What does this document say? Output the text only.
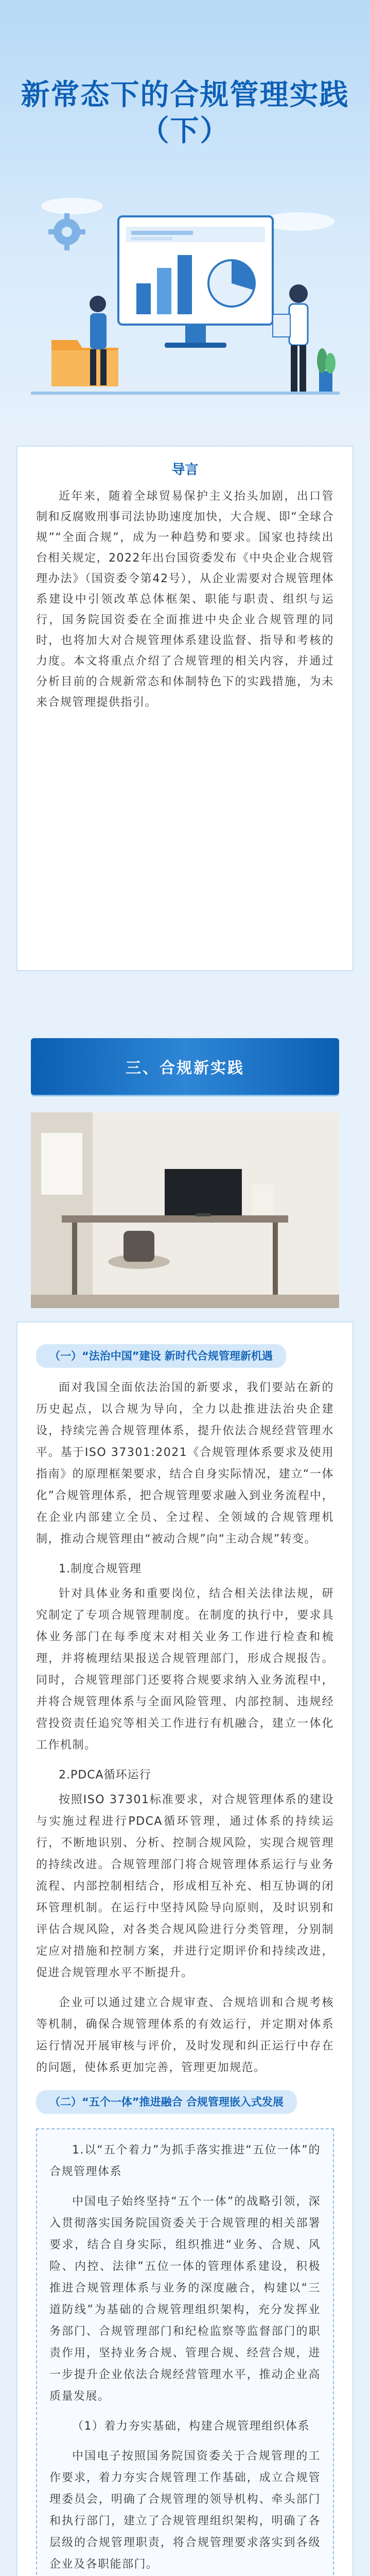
新常态下的合规管理实践
（下）
导言
近年来，随着全球贸易保护主义抬头加剧，出口管制和反腐败刑事司法协助速度加快，大合规、即“全球合规”“全面合规”，成为一种趋势和要求。国家也持续出台相关规定，2022年出台国资委发布《中央企业合规管理办法》（国资委令第42号），从企业需要对合规管理体系建设中引领改革总体框架、职能与职责、组织与运行，国务院国资委在全面推进中央企业合规管理的同时，也将加大对合规管理体系建设监督、指导和考核的力度。本文将重点介绍了合规管理的相关内容，并通过分析目前的合规新常态和体制特色下的实践措施，为未来合规管理提供指引。
三、合规新实践
（一）“法治中国”建设 新时代合规管理新机遇

面对我国全面依法治国的新要求，我们要站在新的历史起点，以合规为导向，全力以赴推进法治央企建设，持续完善合规管理体系，提升依法合规经营管理水平。基于ISO 37301:2021《合规管理体系要求及使用指南》的原理框架要求，结合自身实际情况，建立“一体化”合规管理体系，把合规管理要求融入到业务流程中，在企业内部建立全员、全过程、全领域的合规管理机制，推动合规管理由“被动合规”向“主动合规”转变。

1.制度合规管理

针对具体业务和重要岗位，结合相关法律法规，研究制定了专项合规管理制度。在制度的执行中，要求具体业务部门在每季度末对相关业务工作进行检查和梳理，并将梳理结果报送合规管理部门，形成合规报告。同时，合规管理部门还要将合规要求纳入业务流程中，并将合规管理体系与全面风险管理、内部控制、违规经营投资责任追究等相关工作进行有机融合，建立一体化工作机制。

2.PDCA循环运行

按照ISO 37301标准要求，对合规管理体系的建设与实施过程进行PDCA循环管理，通过体系的持续运行，不断地识别、分析、控制合规风险，实现合规管理的持续改进。合规管理部门将合规管理体系运行与业务流程、内部控制相结合，形成相互补充、相互协调的闭环管理机制。在运行中坚持风险导向原则，及时识别和评估合规风险，对各类合规风险进行分类管理，分别制定应对措施和控制方案，并进行定期评价和持续改进，促进合规管理水平不断提升。

企业可以通过建立合规审查、合规培训和合规考核等机制，确保合规管理体系的有效运行，并定期对体系运行情况开展审核与评价，及时发现和纠正运行中存在的问题，使体系更加完善，管理更加规范。

（二）“五个一体”推进融合 合规管理嵌入式发展

1.以“五个着力”为抓手落实推进“五位一体”的合规管理体系

中国电子始终坚持“五个一体”的战略引领，深入贯彻落实国务院国资委关于合规管理的相关部署要求，结合自身实际，组织推进“业务、合规、风险、内控、法律”五位一体的管理体系建设，积极推进合规管理体系与业务的深度融合，构建以“三道防线”为基础的合规管理组织架构，充分发挥业务部门、合规管理部门和纪检监察等监督部门的职责作用，坚持业务合规、管理合规、经营合规，进一步提升企业依法合规经营管理水平，推动企业高质量发展。

（1）着力夯实基础，构建合规管理组织体系

中国电子按照国务院国资委关于合规管理的工作要求，着力夯实合规管理工作基础，成立合规管理委员会，明确了合规管理的领导机构、牵头部门和执行部门，建立了合规管理组织架构，明确了各层级的合规管理职责，将合规管理要求落实到各级企业及各职能部门。
